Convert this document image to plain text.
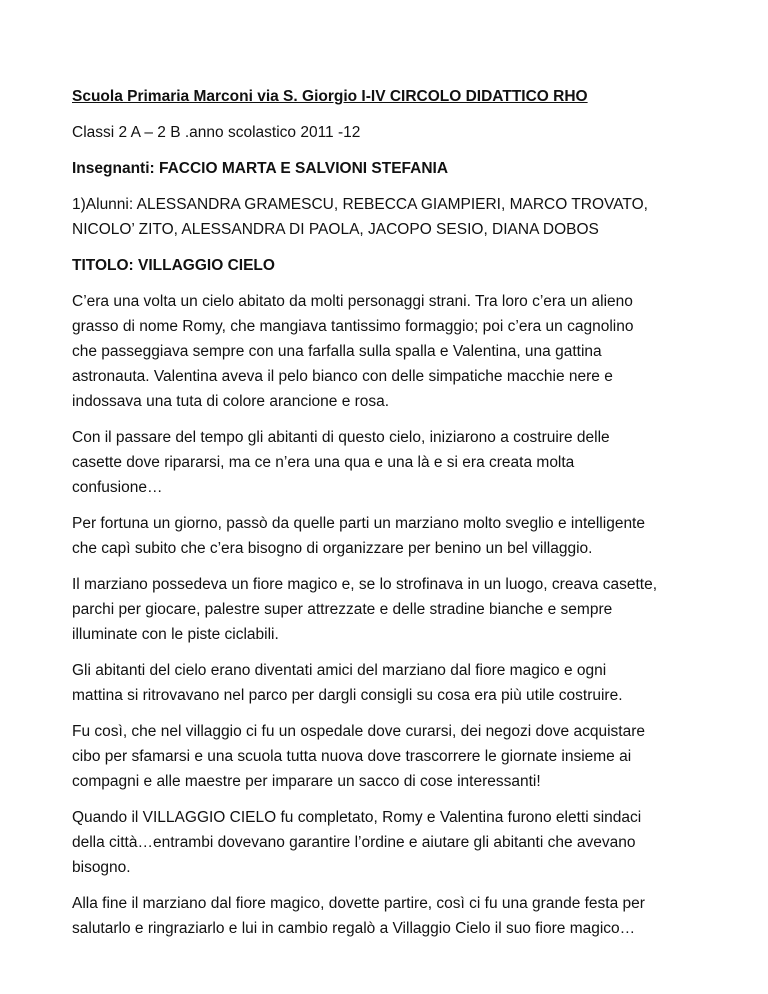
Scuola Primaria Marconi via S. Giorgio I-IV CIRCOLO DIDATTICO RHO

Classi 2 A – 2 B .anno scolastico 2011 -12

Insegnanti: FACCIO MARTA E SALVIONI STEFANIA

1)Alunni: ALESSANDRA GRAMESCU, REBECCA GIAMPIERI, MARCO TROVATO,
NICOLO’ ZITO, ALESSANDRA DI PAOLA, JACOPO SESIO, DIANA DOBOS

TITOLO: VILLAGGIO CIELO

C’era una volta un cielo abitato da molti personaggi strani. Tra loro c’era un alieno
grasso di nome Romy, che mangiava tantissimo formaggio; poi c’era un cagnolino
che passeggiava sempre con una farfalla sulla spalla e Valentina, una gattina
astronauta. Valentina aveva il pelo bianco con delle simpatiche macchie nere e
indossava una tuta di colore arancione e rosa.
Con il passare del tempo gli abitanti di questo cielo, iniziarono a costruire delle
casette dove ripararsi, ma ce n’era una qua e una là e si era creata molta
confusione…
Per fortuna un giorno, passò da quelle parti un marziano molto sveglio e intelligente
che capì subito che c’era bisogno di organizzare per benino un bel villaggio.
Il marziano possedeva un fiore magico e, se lo strofinava in un luogo, creava casette,
parchi per giocare, palestre super attrezzate e delle stradine bianche e sempre
illuminate con le piste ciclabili.
Gli abitanti del cielo erano diventati amici del marziano dal fiore magico e ogni
mattina si ritrovavano nel parco per dargli consigli su cosa era più utile costruire.
Fu così, che nel villaggio ci fu un ospedale dove curarsi, dei negozi dove acquistare
cibo per sfamarsi e una scuola tutta nuova dove trascorrere le giornate insieme ai
compagni e alle maestre per imparare un sacco di cose interessanti!
Quando il VILLAGGIO CIELO fu completato, Romy e Valentina furono eletti sindaci
della città…entrambi dovevano garantire l’ordine e aiutare gli abitanti che avevano
bisogno.
Alla fine il marziano dal fiore magico, dovette partire, così ci fu una grande festa per
salutarlo e ringraziarlo e lui in cambio regalò a Villaggio Cielo il suo fiore magico…
